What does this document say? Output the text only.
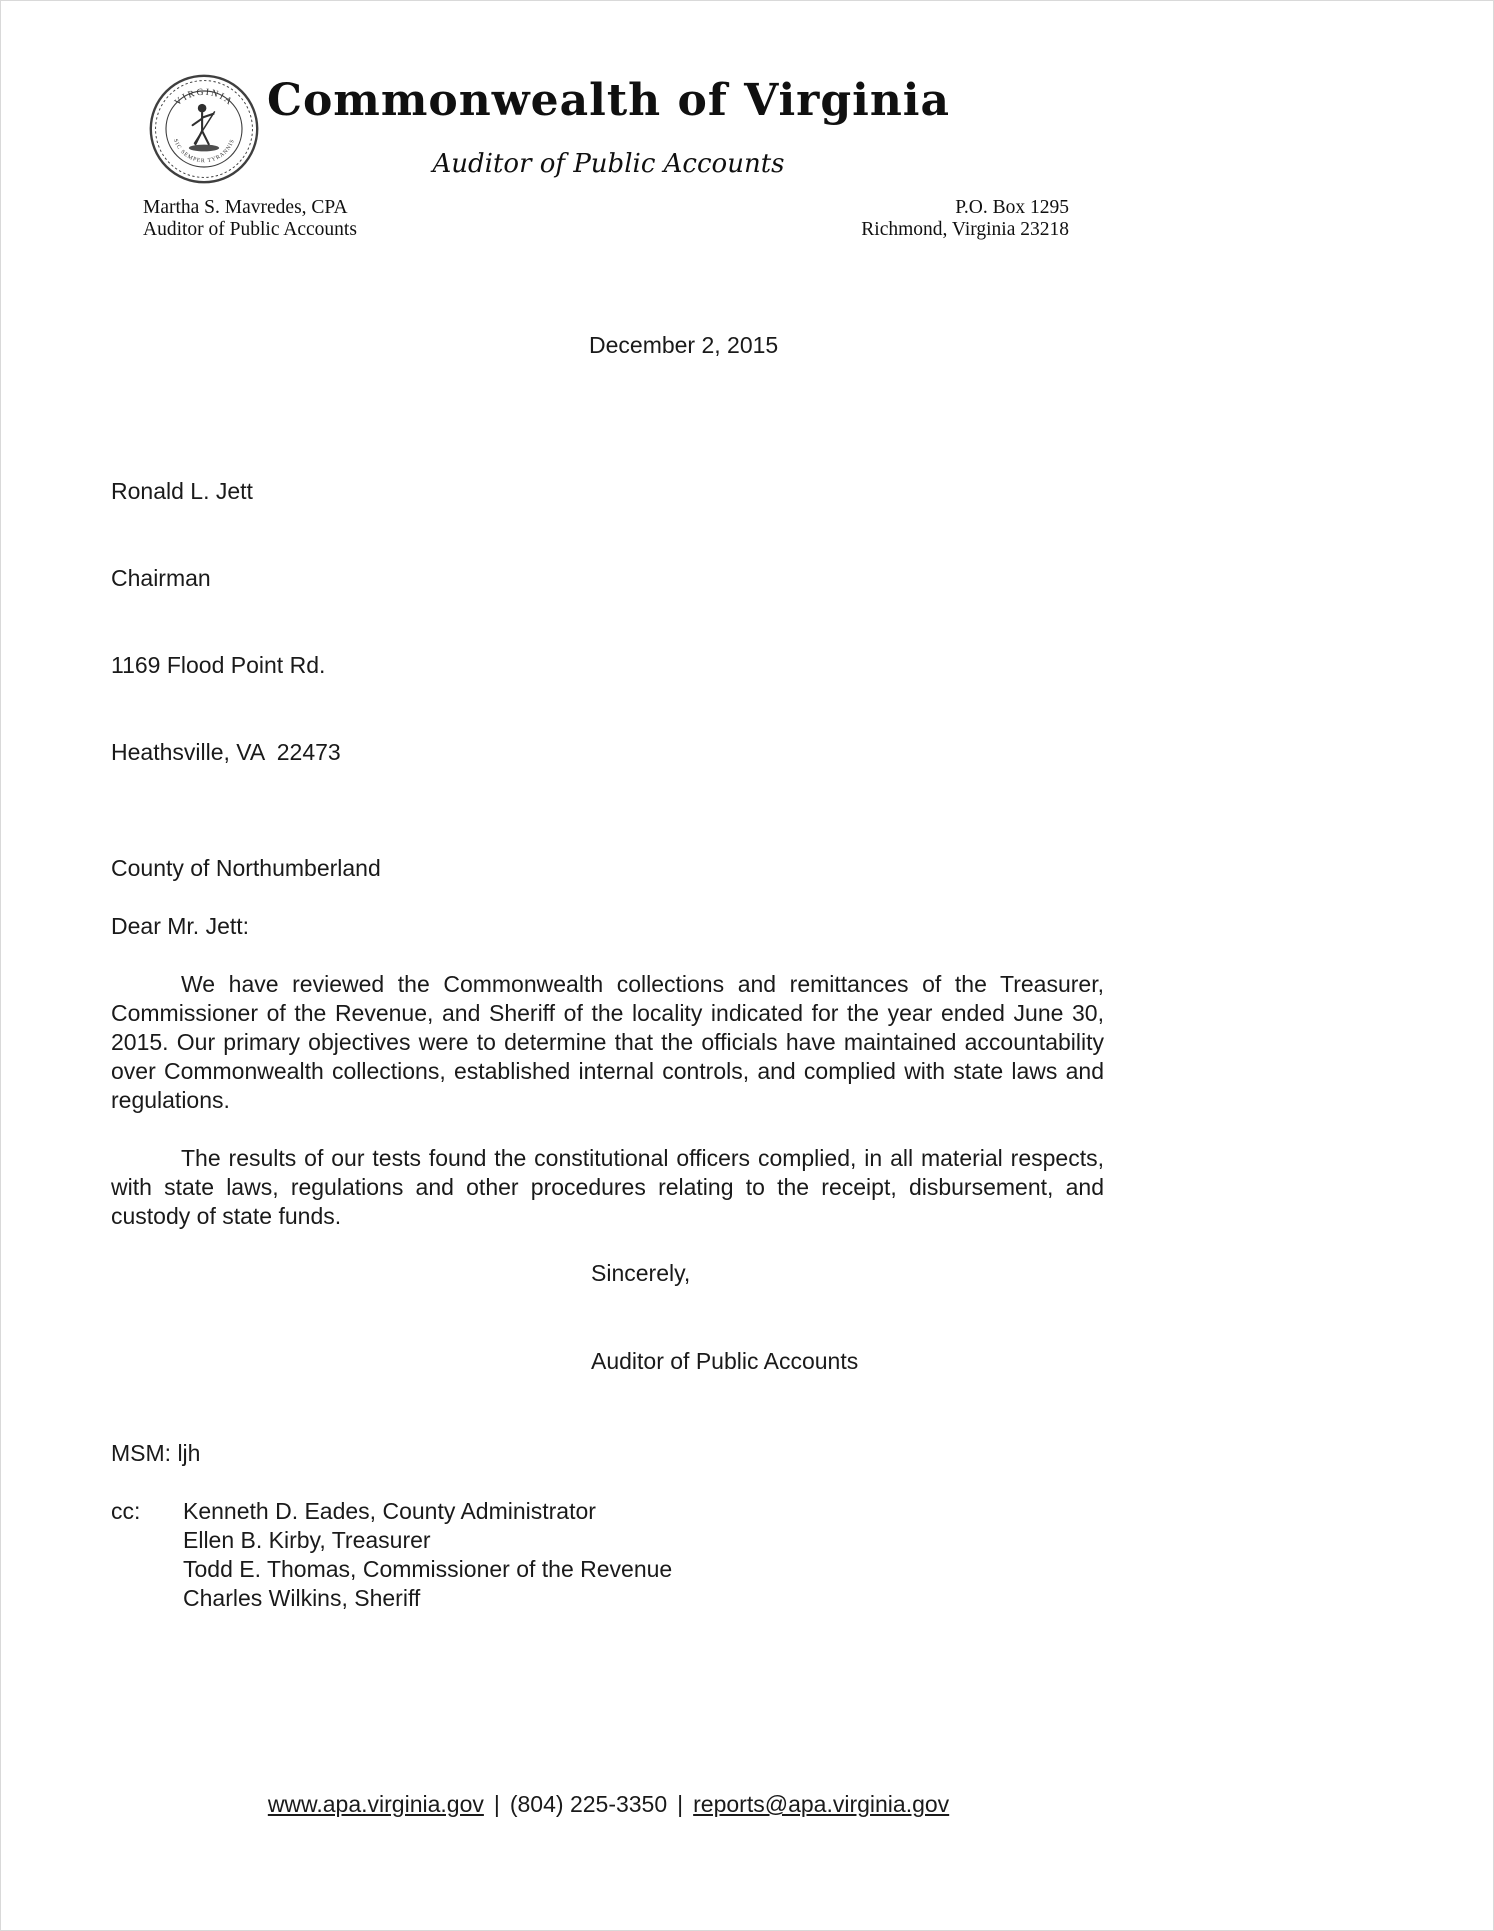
VIRGINIA
SIC SEMPER TYRANNIS
Commonwealth of Virginia
Auditor of Public Accounts
Martha S. Mavredes, CPA
Auditor of Public Accounts
P.O. Box 1295
Richmond, Virginia 23218
December 2, 2015

Ronald L. Jett

Chairman

1169 Flood Point Rd.

Heathsville, VA  22473

County of Northumberland
Dear Mr. Jett:

We have reviewed the Commonwealth collections and remittances of the Treasurer, Commissioner of the Revenue, and Sheriff of the locality indicated for the year ended June 30, 2015. Our primary objectives were to determine that the officials have maintained accountability over Commonwealth collections, established internal controls, and complied with state laws and regulations.

The results of our tests found the constitutional officers complied, in all material respects, with state laws, regulations and other procedures relating to the receipt, disbursement, and custody of state funds.

Sincerely,
Auditor of Public Accounts
MSM: ljh
cc:	Kenneth D. Eades, County Administrator
Ellen B. Kirby, Treasurer
Todd E. Thomas, Commissioner of the Revenue
Charles Wilkins, Sheriff
www.apa.virginia.gov | (804) 225-3350 | reports@apa.virginia.gov
